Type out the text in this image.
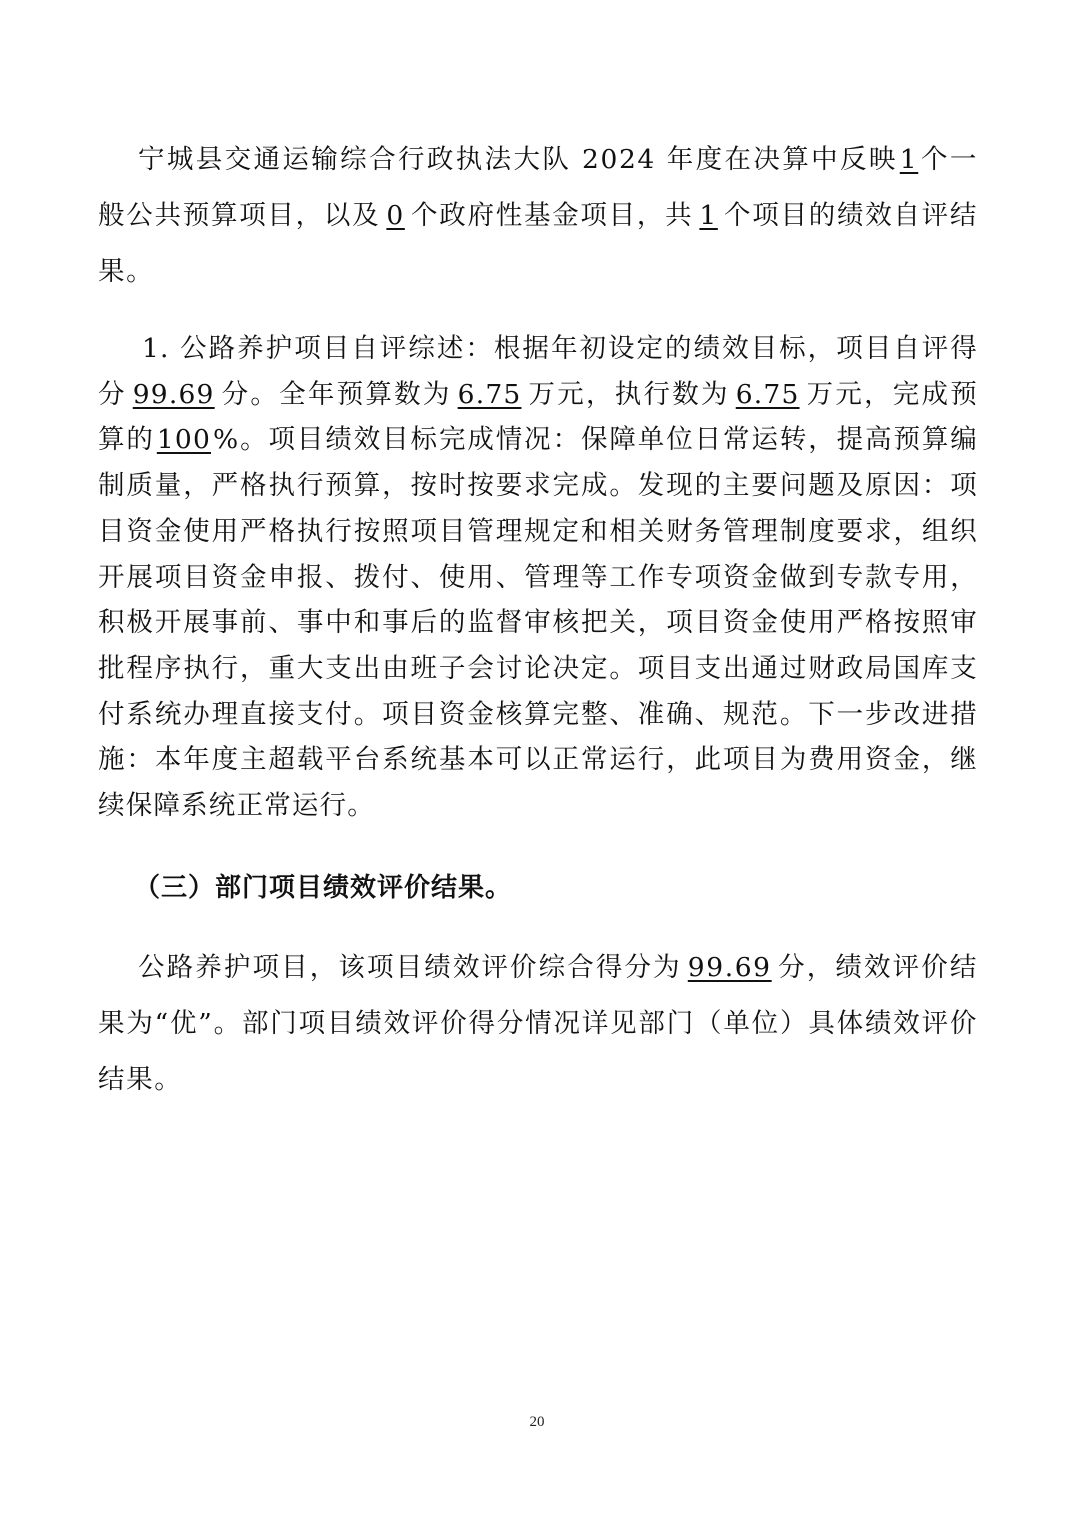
宁城县交通运输综合行政执法大队 2024 年度在决算中反映1个一般公共预算项目，以及 0 个政府性基金项目，共 1 个项目的绩效自评结果。

1. 公路养护项目自评综述：根据年初设定的绩效目标，项目自评得分 99.69 分。全年预算数为 6.75 万元，执行数为 6.75 万元，完成预算的100%。项目绩效目标完成情况：保障单位日常运转，提高预算编制质量，严格执行预算，按时按要求完成。发现的主要问题及原因：项目资金使用严格执行按照项目管理规定和相关财务管理制度要求，组织开展项目资金申报、拨付、使用、管理等工作专项资金做到专款专用，积极开展事前、事中和事后的监督审核把关，项目资金使用严格按照审批程序执行，重大支出由班子会讨论决定。项目支出通过财政局国库支付系统办理直接支付。项目资金核算完整、准确、规范。下一步改进措施：本年度主超载平台系统基本可以正常运行，此项目为费用资金，继续保障系统正常运行。

（三）部门项目绩效评价结果。

公路养护项目，该项目绩效评价综合得分为 99.69 分，绩效评价结果为“优”。部门项目绩效评价得分情况详见部门（单位）具体绩效评价结果。

20
